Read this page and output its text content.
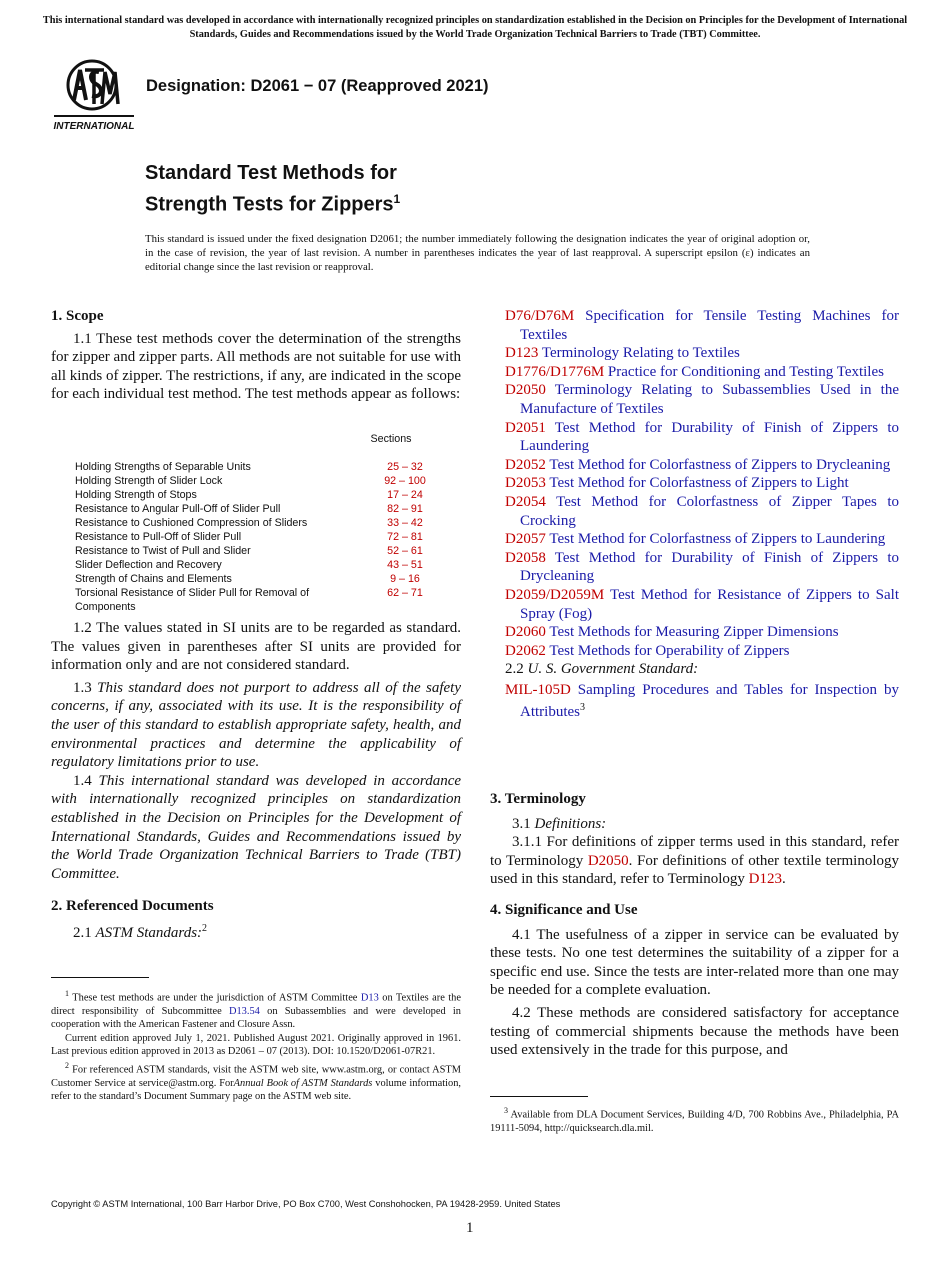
This international standard was developed in accordance with internationally recognized principles on standardization established in the Decision on Principles for the Development of International Standards, Guides and Recommendations issued by the World Trade Organization Technical Barriers to Trade (TBT) Committee.
INTERNATIONAL
Designation: D2061 − 07 (Reapproved 2021)
Standard Test Methods for
Strength Tests for Zippers$^1$
This standard is issued under the fixed designation D2061; the number immediately following the designation indicates the year of original adoption or, in the case of revision, the year of last revision. A number in parentheses indicates the year of last reapproval. A superscript epsilon (ε) indicates an editorial change since the last revision or reapproval.
1. Scope

1.1 These test methods cover the determination of the strengths for zipper and zipper parts. All methods are not suitable for use with all kinds of zipper. The restrictions, if any, are indicated in the scope for each individual test method. The test methods appear as follows:

Sections
Holding Strengths of Separable Units	25 – 32
Holding Strength of Slider Lock	92 – 100
Holding Strength of Stops	17 – 24
Resistance to Angular Pull-Off of Slider Pull	82 – 91
Resistance to Cushioned Compression of Sliders	33 – 42
Resistance to Pull-Off of Slider Pull	72 – 81
Resistance to Twist of Pull and Slider	52 – 61
Slider Deflection and Recovery	43 – 51
Strength of Chains and Elements	9 – 16
Torsional Resistance of Slider Pull for Removal of	62 – 71
Components

1.2 The values stated in SI units are to be regarded as standard. The values given in parentheses after SI units are provided for information only and are not considered standard.

1.3 This standard does not purport to address all of the safety concerns, if any, associated with its use. It is the responsibility of the user of this standard to establish appropriate safety, health, and environmental practices and determine the applicability of regulatory limitations prior to use.

1.4 This international standard was developed in accordance with internationally recognized principles on standardization established in the Decision on Principles for the Development of International Standards, Guides and Recommendations issued by the World Trade Organization Technical Barriers to Trade (TBT) Committee.

2. Referenced Documents

2.1 ASTM Standards:$^2$

$^1$ These test methods are under the jurisdiction of ASTM Committee D13 on Textiles are the direct responsibility of Subcommittee D13.54 on Subassemblies and were developed in cooperation with the American Fastener and Closure Assn.

Current edition approved July 1, 2021. Published August 2021. Originally approved in 1961. Last previous edition approved in 2013 as D2061 – 07 (2013). DOI: 10.1520/D2061-07R21.

$^2$ For referenced ASTM standards, visit the ASTM web site, www.astm.org, or contact ASTM Customer Service at service@astm.org. ForAnnual Book of ASTM Standards volume information, refer to the standard’s Document Summary page on the ASTM web site.

D76/D76M Specification for Tensile Testing Machines for Textiles

D123 Terminology Relating to Textiles

D1776/D1776M Practice for Conditioning and Testing Textiles

D2050 Terminology Relating to Subassemblies Used in the Manufacture of Textiles

D2051 Test Method for Durability of Finish of Zippers to Laundering

D2052 Test Method for Colorfastness of Zippers to Drycleaning

D2053 Test Method for Colorfastness of Zippers to Light

D2054 Test Method for Colorfastness of Zipper Tapes to Crocking

D2057 Test Method for Colorfastness of Zippers to Laundering

D2058 Test Method for Durability of Finish of Zippers to Drycleaning

D2059/D2059M Test Method for Resistance of Zippers to Salt Spray (Fog)

D2060 Test Methods for Measuring Zipper Dimensions

D2062 Test Methods for Operability of Zippers

2.2 U. S. Government Standard:

MIL-105D Sampling Procedures and Tables for Inspection by Attributes$^3$

3. Terminology

3.1 Definitions:

3.1.1 For definitions of zipper terms used in this standard, refer to Terminology D2050. For definitions of other textile terminology used in this standard, refer to Terminology D123.

4. Significance and Use

4.1 The usefulness of a zipper in service can be evaluated by these tests. No one test determines the suitability of a zipper for a specific end use. Since the tests are inter-related more than one may be needed for a complete evaluation.

4.2 These methods are considered satisfactory for acceptance testing of commercial shipments because the methods have been used extensively in the trade for this purpose, and

$^3$ Available from DLA Document Services, Building 4/D, 700 Robbins Ave., Philadelphia, PA 19111-5094, http://quicksearch.dla.mil.

Copyright © ASTM International, 100 Barr Harbor Drive, PO Box C700, West Conshohocken, PA 19428-2959. United States
1
